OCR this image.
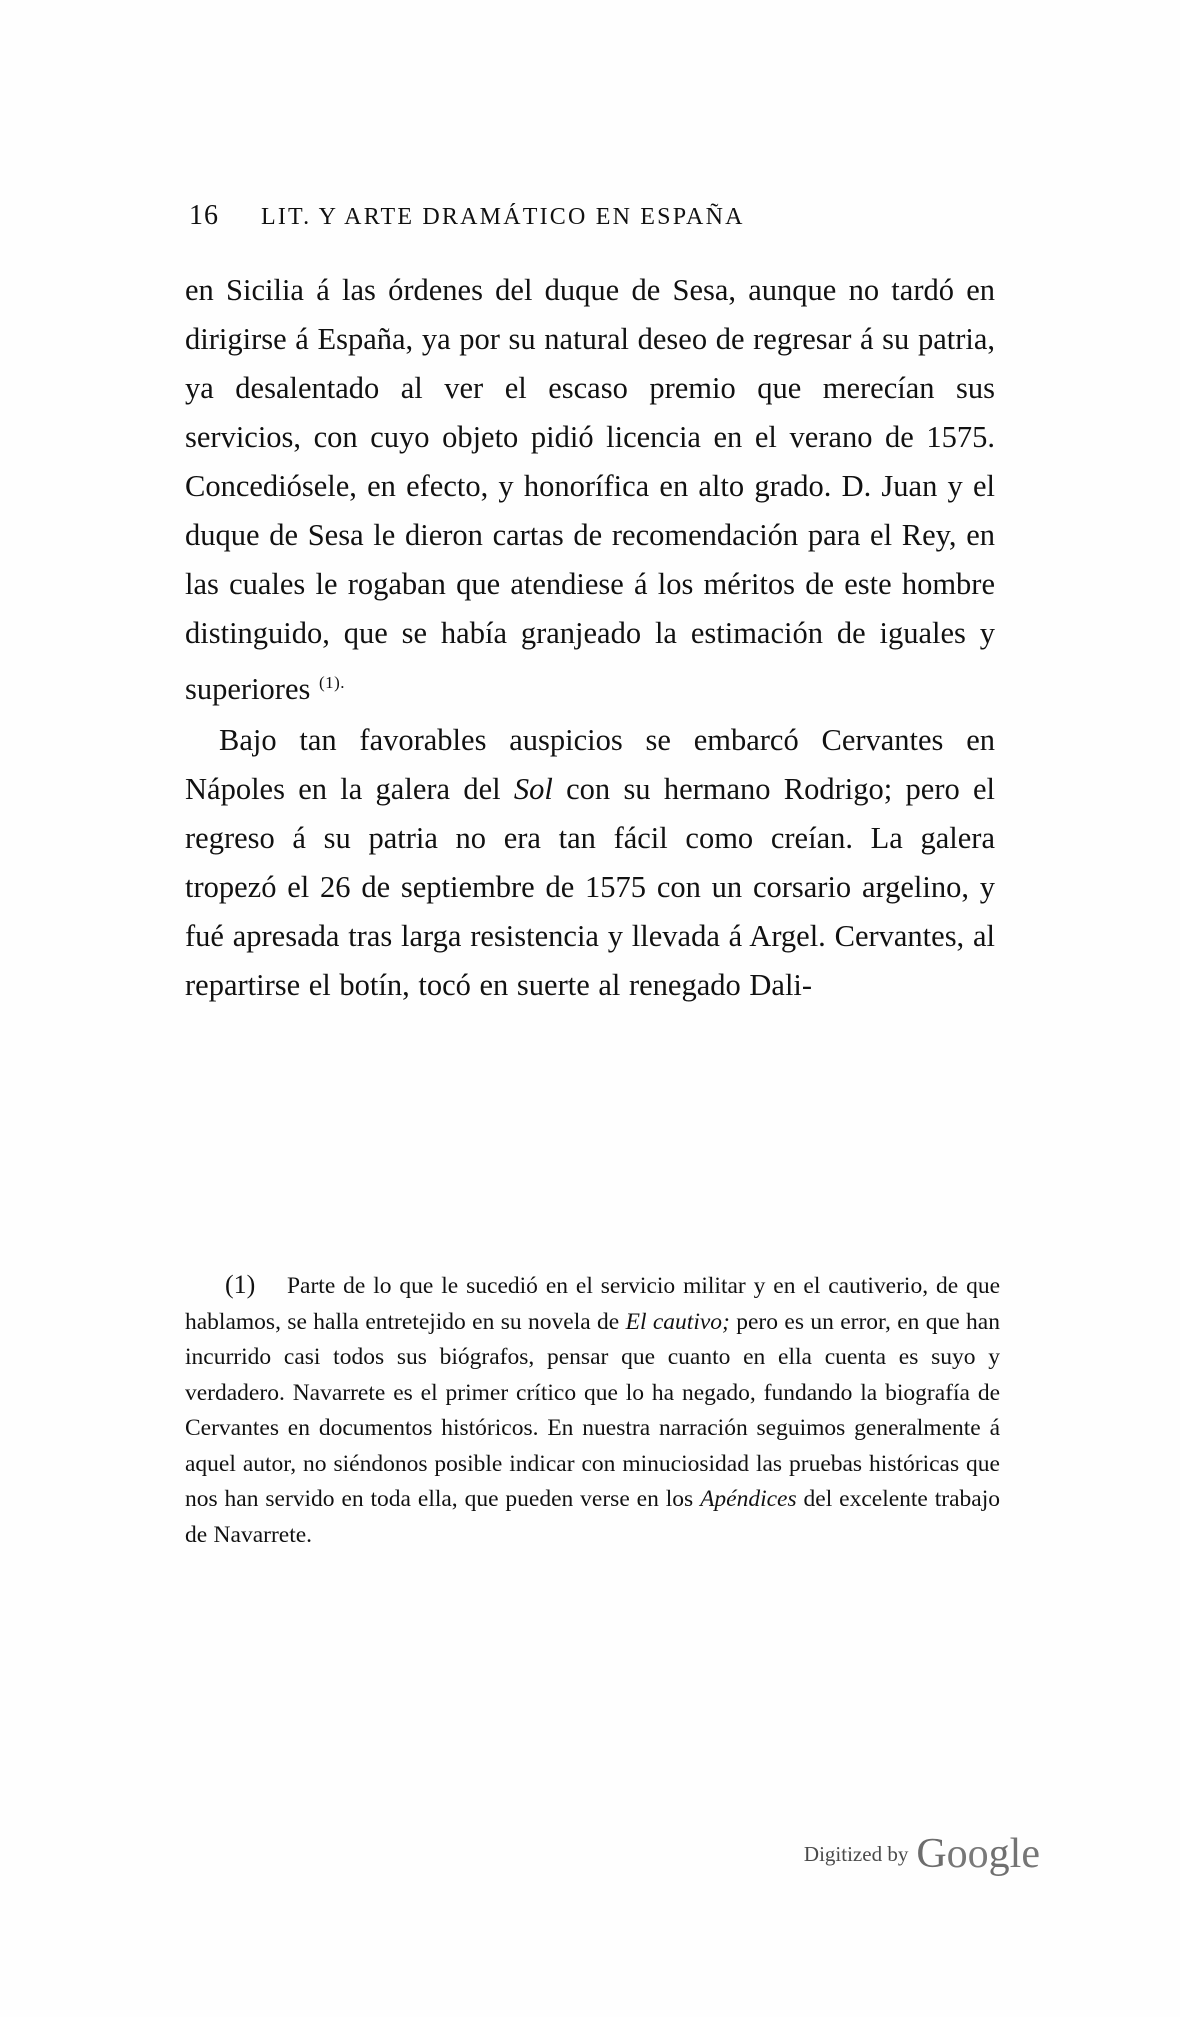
16 LIT. Y ARTE DRAMÁTICO EN ESPAÑA

en Sicilia á las órdenes del duque de Sesa, aunque no tardó en dirigirse á España, ya por su natural deseo de regresar á su patria, ya desalentado al ver el escaso premio que merecían sus servicios, con cuyo objeto pidió licencia en el verano de 1575. Concediósele, en efecto, y honorífica en alto grado. D. Juan y el duque de Sesa le dieron cartas de recomendación para el Rey, en las cuales le rogaban que atendiese á los méritos de este hombre distinguido, que se había granjeado la estimación de iguales y superiores $^{(1).}$

Bajo tan favorables auspicios se embarcó Cervantes en Nápoles en la galera del Sol con su hermano Rodrigo; pero el regreso á su patria no era tan fácil como creían. La galera tropezó el 26 de septiembre de 1575 con un corsario argelino, y fué apresada tras larga resistencia y llevada á Argel. Cervantes, al repartirse el botín, tocó en suerte al renegado Dali-

(1) Parte de lo que le sucedió en el servicio militar y en el cautiverio, de que hablamos, se halla entretejido en su novela de El cautivo; pero es un error, en que han incurrido casi todos sus biógrafos, pensar que cuanto en ella cuenta es suyo y verdadero. Navarrete es el primer crítico que lo ha negado, fundando la biografía de Cervantes en documentos históricos. En nuestra narración seguimos generalmente á aquel autor, no siéndonos posible indicar con minuciosidad las pruebas históricas que nos han servido en toda ella, que pueden verse en los Apéndices del excelente trabajo de Navarrete.

Digitized by Google
